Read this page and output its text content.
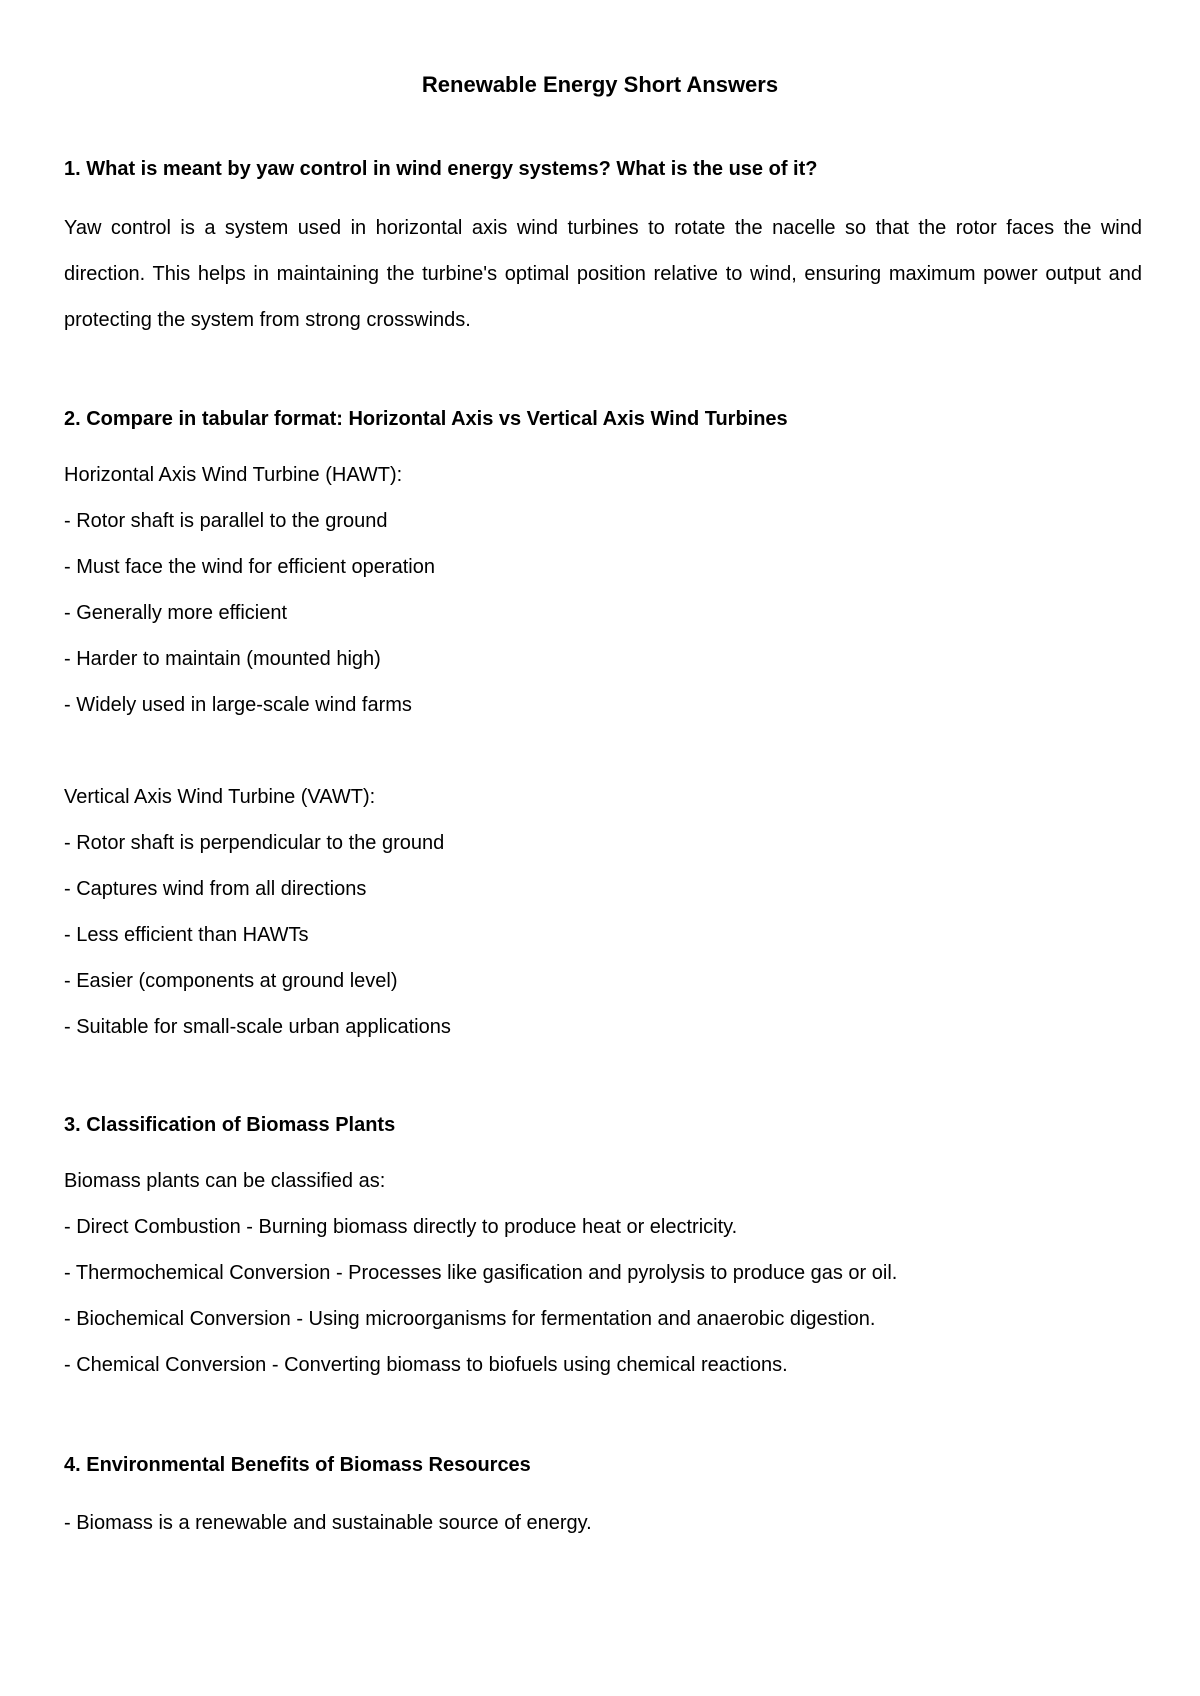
Renewable Energy Short Answers
1. What is meant by yaw control in wind energy systems? What is the use of it?
Yaw control is a system used in horizontal axis wind turbines to rotate the nacelle so that the rotor faces the wind direction. This helps in maintaining the turbine's optimal position relative to wind, ensuring maximum power output and protecting the system from strong crosswinds.
2. Compare in tabular format: Horizontal Axis vs Vertical Axis Wind Turbines
Horizontal Axis Wind Turbine (HAWT):
- Rotor shaft is parallel to the ground
- Must face the wind for efficient operation
- Generally more efficient
- Harder to maintain (mounted high)
- Widely used in large-scale wind farms
Vertical Axis Wind Turbine (VAWT):
- Rotor shaft is perpendicular to the ground
- Captures wind from all directions
- Less efficient than HAWTs
- Easier (components at ground level)
- Suitable for small-scale urban applications
3. Classification of Biomass Plants
Biomass plants can be classified as:
- Direct Combustion - Burning biomass directly to produce heat or electricity.
- Thermochemical Conversion - Processes like gasification and pyrolysis to produce gas or oil.
- Biochemical Conversion - Using microorganisms for fermentation and anaerobic digestion.
- Chemical Conversion - Converting biomass to biofuels using chemical reactions.
4. Environmental Benefits of Biomass Resources
- Biomass is a renewable and sustainable source of energy.
